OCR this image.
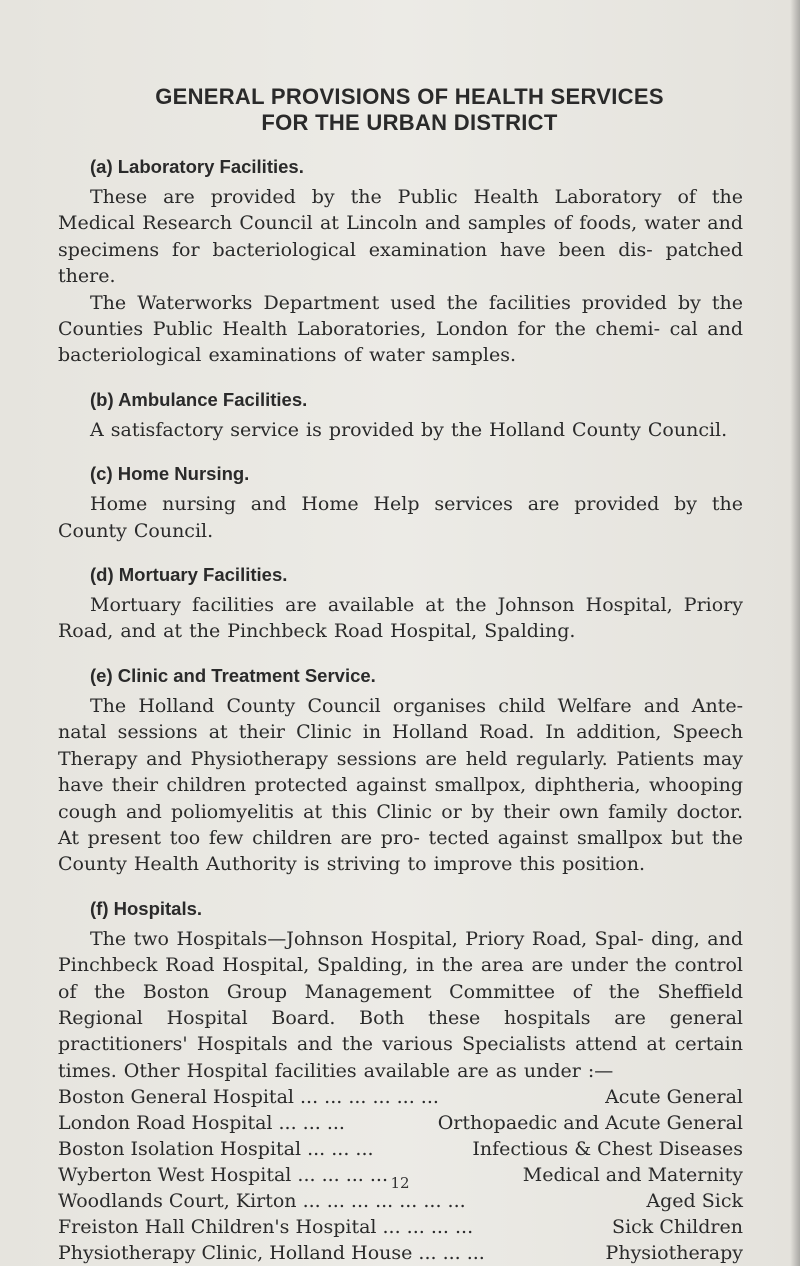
GENERAL PROVISIONS OF HEALTH SERVICES
FOR THE URBAN DISTRICT
(a) Laboratory Facilities.

These are provided by the Public Health Laboratory of the Medical Research Council at Lincoln and samples of foods, water and specimens for bacteriological examination have been dis- patched there.

The Waterworks Department used the facilities provided by the Counties Public Health Laboratories, London for the chemi- cal and bacteriological examinations of water samples.

(b) Ambulance Facilities.

A satisfactory service is provided by the Holland County Council.

(c) Home Nursing.

Home nursing and Home Help services are provided by the County Council.

(d) Mortuary Facilities.

Mortuary facilities are available at the Johnson Hospital, Priory Road, and at the Pinchbeck Road Hospital, Spalding.

(e) Clinic and Treatment Service.

The Holland County Council organises child Welfare and Ante-natal sessions at their Clinic in Holland Road. In addition, Speech Therapy and Physiotherapy sessions are held regularly. Patients may have their children protected against smallpox, diphtheria, whooping cough and poliomyelitis at this Clinic or by their own family doctor. At present too few children are pro- tected against smallpox but the County Health Authority is striving to improve this position.

(f) Hospitals.

The two Hospitals—Johnson Hospital, Priory Road, Spal- ding, and Pinchbeck Road Hospital, Spalding, in the area are under the control of the Boston Group Management Committee of the Sheffield Regional Hospital Board. Both these hospitals are general practitioners' Hospitals and the various Specialists attend at certain times. Other Hospital facilities available are as under :—

Boston General Hospital ... ... ... ... ... ...	Acute General
London Road Hospital ... ... ...	Orthopaedic and Acute General
Boston Isolation Hospital ... ... ...	Infectious & Chest Diseases
Wyberton West Hospital ... ... ... ...	Medical and Maternity
Woodlands Court, Kirton ... ... ... ... ... ... ...	Aged Sick
Freiston Hall Children's Hospital ... ... ... ...	Sick Children
Physiotherapy Clinic, Holland House ... ... ...	Physiotherapy
12
